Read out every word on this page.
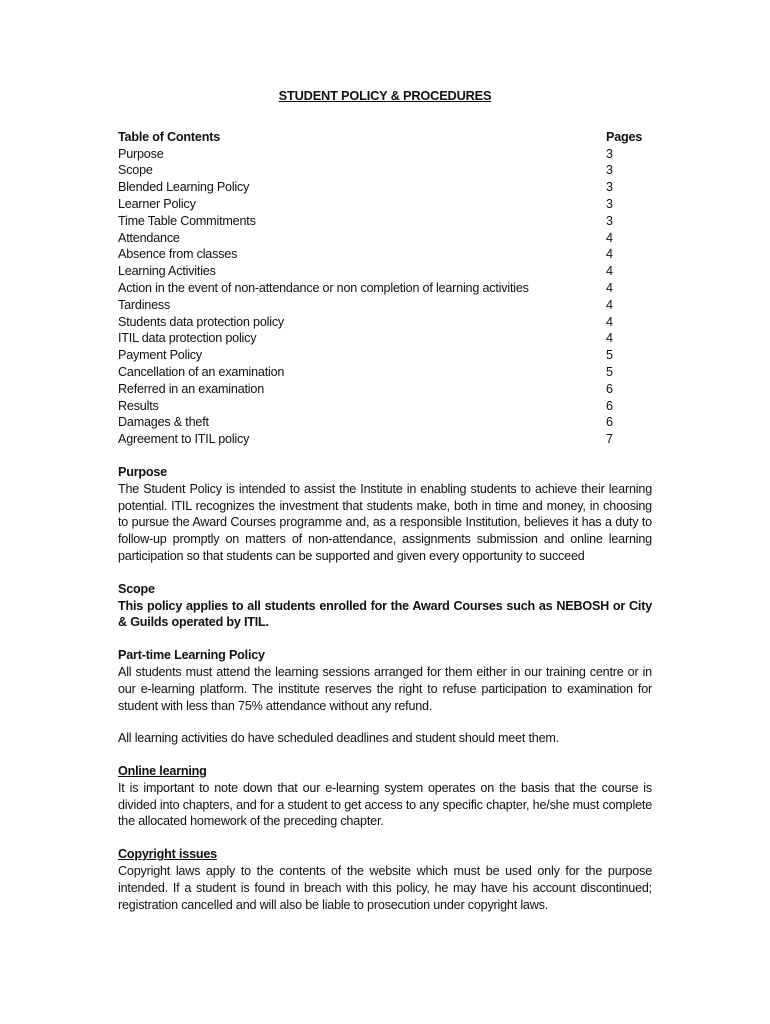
STUDENT POLICY & PROCEDURES
Table of Contents	Pages
Purpose	3
Scope	3
Blended Learning Policy	3
Learner Policy	3
Time Table Commitments	3
Attendance	4
Absence from classes	4
Learning Activities	4
Action in the event of non-attendance or non completion of learning activities	4
Tardiness	4
Students data protection policy	4
ITIL data protection policy	4
Payment Policy	5
Cancellation of an examination	5
Referred in an examination	6
Results	6
Damages & theft	6
Agreement to ITIL policy	7
Purpose

The Student Policy is intended to assist the Institute in enabling students to achieve their learning potential. ITIL recognizes the investment that students make, both in time and money, in choosing to pursue the Award Courses programme and, as a responsible Institution, believes it has a duty to follow-up promptly on matters of non-attendance, assignments submission and online learning participation so that students can be supported and given every opportunity to succeed

Scope

This policy applies to all students enrolled for the Award Courses such as NEBOSH or City & Guilds operated by ITIL.

Part-time Learning Policy

All students must attend the learning sessions arranged for them either in our training centre or in our e-learning platform. The institute reserves the right to refuse participation to examination for student with less than 75% attendance without any refund.

All learning activities do have scheduled deadlines and student should meet them.

Online learning

It is important to note down that our e-learning system operates on the basis that the course is divided into chapters, and for a student to get access to any specific chapter, he/she must complete the allocated homework of the preceding chapter.

Copyright issues

Copyright laws apply to the contents of the website which must be used only for the purpose intended. If a student is found in breach with this policy, he may have his account discontinued; registration cancelled and will also be liable to prosecution under copyright laws.
